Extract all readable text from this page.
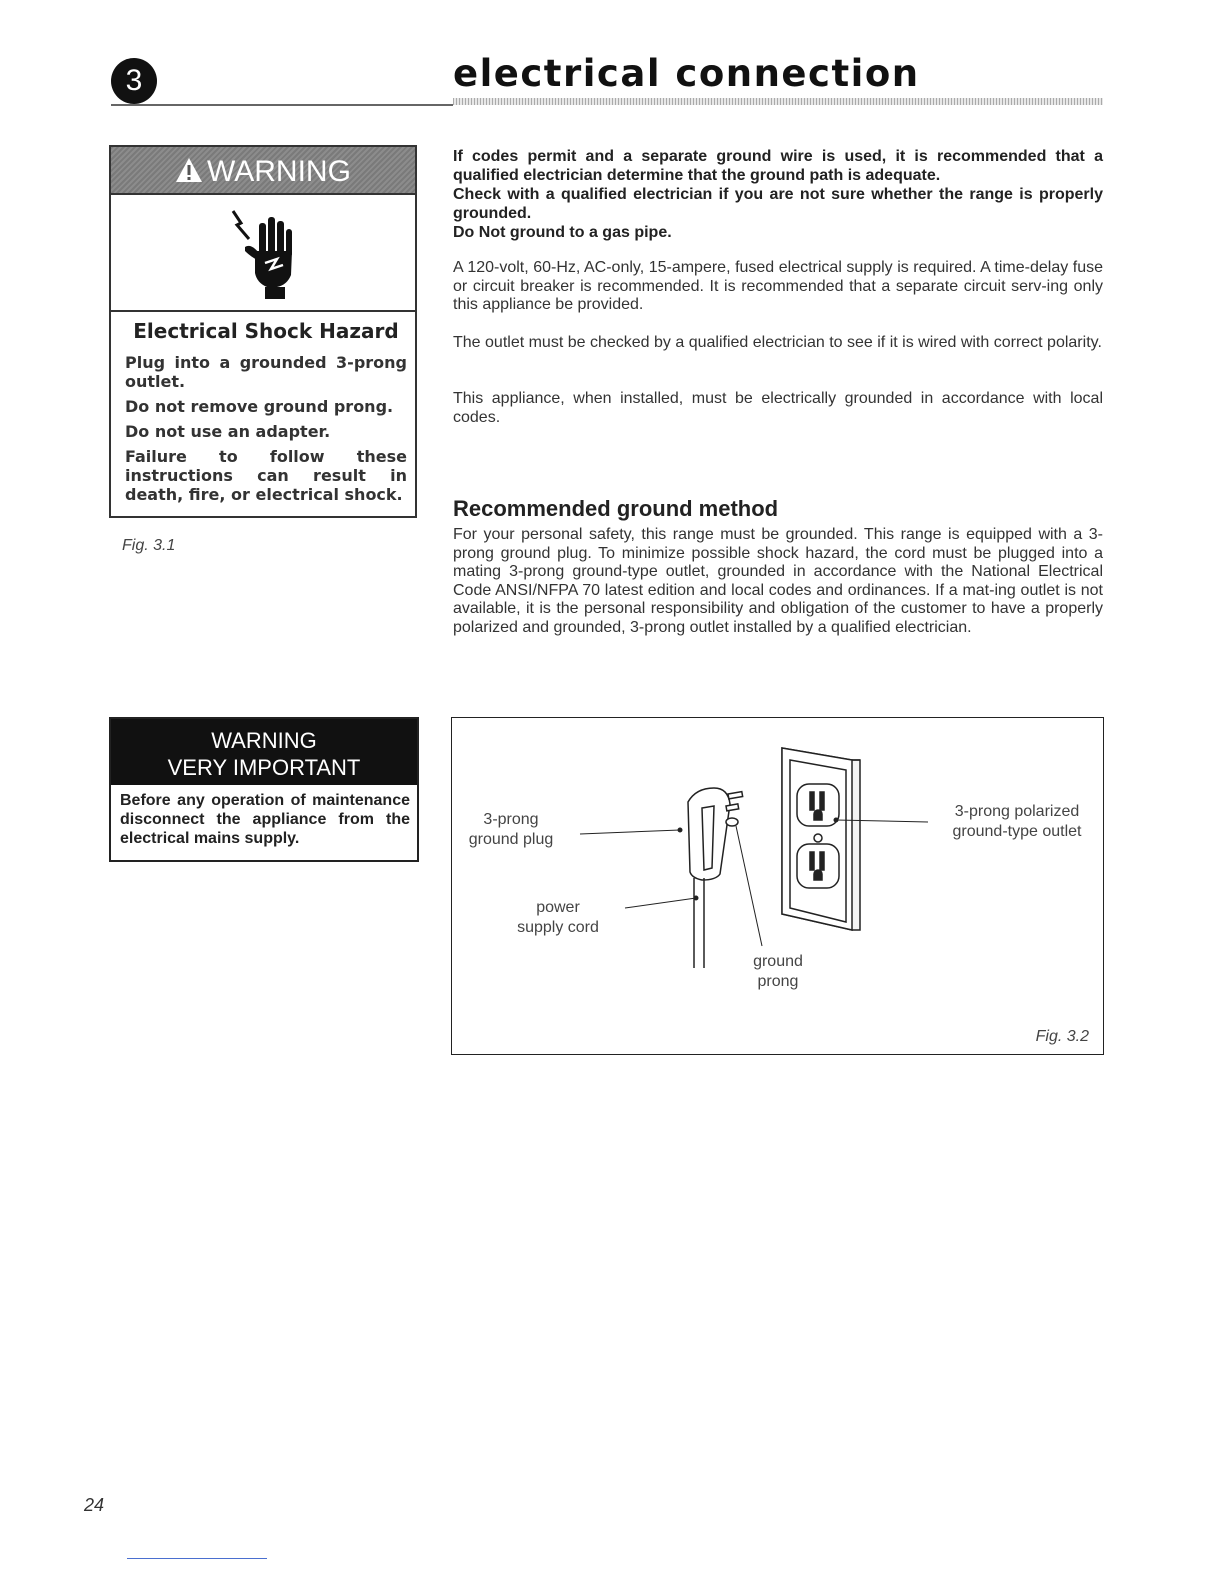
3	electrical connection
WARNING
Electrical Shock Hazard
Plug into a grounded 3-prong outlet.
Do not remove ground prong.
Do not use an adapter.
Failure to follow these instructions can result in death, fire, or electrical shock.
Fig. 3.1
If codes permit and a separate ground wire is used, it is recommended that a qualified electrician determine that the ground path is adequate.
Check with a qualified electrician if you are not sure whether the range is properly grounded.
Do Not ground to a gas pipe.
A 120-volt, 60-Hz, AC-only, 15-ampere, fused electrical supply is required. A time-delay fuse or circuit breaker is recommended. It is recommended that a separate circuit serv-ing only this appliance be provided.
The outlet must be checked by a qualified electrician to see if it is wired with correct polarity.
This appliance, when installed, must be electrically grounded in accordance with local codes.
Recommended ground method
For your personal safety, this range must be grounded. This range is equipped with a 3-prong ground plug. To minimize possible shock hazard, the cord must be plugged into a mating 3-prong ground-type outlet, grounded in accordance with the National Electrical Code ANSI/NFPA 70 latest edition and local codes and ordinances. If a mat-ing outlet is not available, it is the personal responsibility and obligation of the customer to have a properly polarized and grounded, 3-prong outlet installed by a qualified electrician.
WARNING
VERY IMPORTANT
Before any operation of maintenance disconnect the appliance from the electrical mains supply.
3-prong
ground plug
power
supply cord
ground
prong
3-prong polarized
ground-type outlet
Fig. 3.2
24
